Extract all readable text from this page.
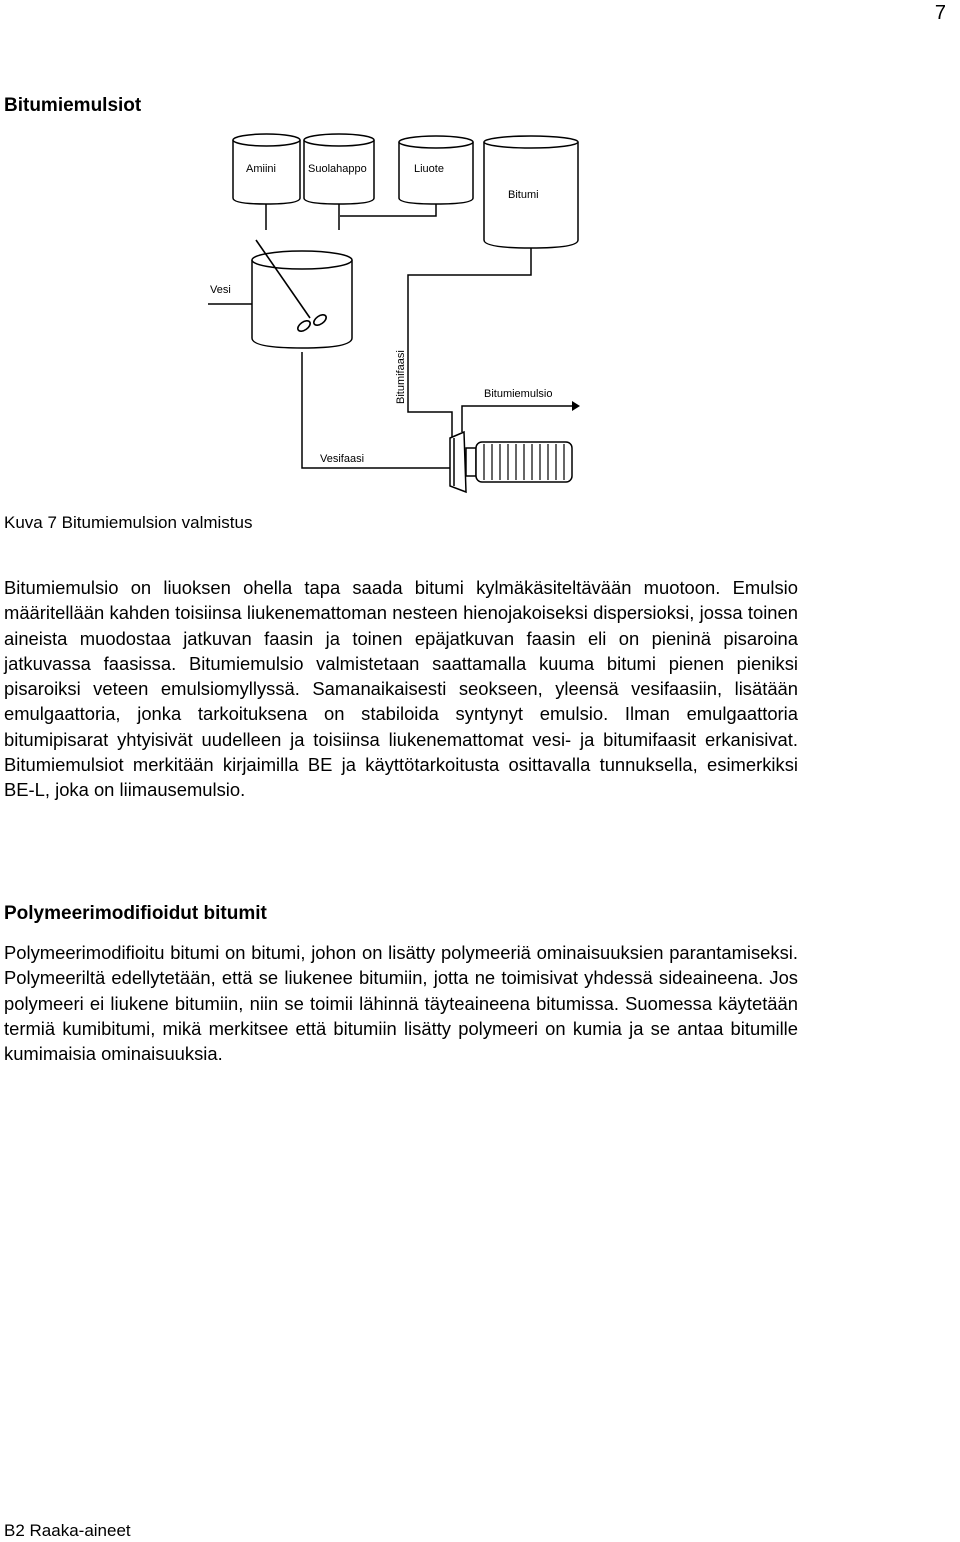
7
Bitumiemulsiot
Amiini	Suolahappo	Liuote
Bitumi
Vesi
Bitumifaasi	Bitumiemulsio
Vesifaasi
Kuva 7 Bitumiemulsion valmistus

Bitumiemulsio on liuoksen ohella tapa saada bitumi kylmäkäsiteltävään muotoon. Emulsio määritellään kahden toisiinsa liukenemattoman nesteen hienojakoiseksi dispersioksi, jossa toinen aineista muodostaa jatkuvan faasin ja toinen epäjatkuvan faasin eli on pieninä pisaroina jatkuvassa faasissa. Bitumiemulsio valmistetaan saattamalla kuuma bitumi pienen pieniksi pisaroiksi veteen emulsiomyllyssä. Samanaikaisesti seokseen, yleensä vesifaasiin, lisätään emulgaattoria, jonka tarkoituksena on stabiloida syntynyt emulsio. Ilman emulgaattoria bitumipisarat yhtyisivät uudelleen ja toisiinsa liukenemattomat vesi- ja bitumifaasit erkanisivat. Bitumiemulsiot merkitään kirjaimilla BE ja käyttötarkoitusta osittavalla tunnuksella, esimerkiksi BE-L, joka on liimausemulsio.

Polymeerimodifioidut bitumit

Polymeerimodifioitu bitumi on bitumi, johon on lisätty polymeeriä ominaisuuksien parantamiseksi. Polymeeriltä edellytetään, että se liukenee bitumiin, jotta ne toimisivat yhdessä sideaineena. Jos polymeeri ei liukene bitumiin, niin se toimii lähinnä täyteaineena bitumissa. Suomessa käytetään termiä kumibitumi, mikä merkitsee että bitumiin lisätty polymeeri on kumia ja se antaa bitumille kumimaisia ominaisuuksia.

B2 Raaka-aineet
